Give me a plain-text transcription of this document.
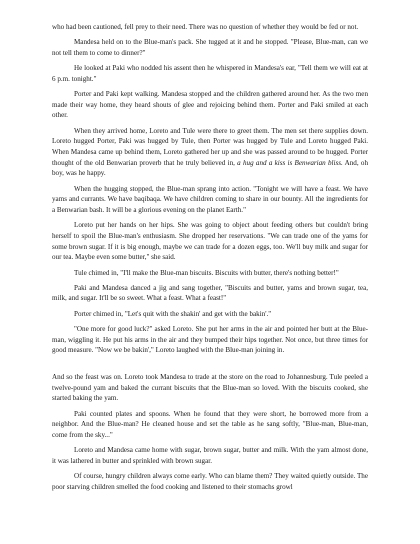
who had been cautioned, fell prey to their need. There was no question of whether they would be fed or not.

Mandesa held on to the Blue-man's pack. She tugged at it and he stopped. "Please, Blue-man, can we not tell them to come to dinner?"

He looked at Paki who nodded his assent then he whispered in Mandesa's ear, "Tell them we will eat at 6 p.m. tonight."

Porter and Paki kept walking. Mandesa stopped and the children gathered around her. As the two men made their way home, they heard shouts of glee and rejoicing behind them. Porter and Paki smiled at each other.

When they arrived home, Loreto and Tule were there to greet them. The men set there supplies down. Loreto hugged Porter, Paki was hugged by Tule, then Porter was hugged by Tule and Loreto hugged Paki. When Mandesa came up behind them, Loreto gathered her up and she was passed around to be hugged. Porter thought of the old Benwarian proverb that he truly believed in, a hug and a kiss is Benwarian bliss. And, oh boy, was he happy.

When the hugging stopped, the Blue-man sprang into action. "Tonight we will have a feast. We have yams and currants. We have baqibaqa. We have children coming to share in our bounty. All the ingredients for a Benwarian bash. It will be a glorious evening on the planet Earth."

Loreto put her hands on her hips. She was going to object about feeding others but couldn't bring herself to spoil the Blue-man's enthusiasm. She dropped her reservations. "We can trade one of the yams for some brown sugar. If it is big enough, maybe we can trade for a dozen eggs, too. We'll buy milk and sugar for our tea. Maybe even some butter," she said.

Tule chimed in, "I'll make the Blue-man biscuits. Biscuits with butter, there's nothing better!"

Paki and Mandesa danced a jig and sang together, "Biscuits and butter, yams and brown sugar, tea, milk, and sugar. It'll be so sweet. What a feast. What a feast!"

Porter chimed in, "Let's quit with the shakin' and get with the bakin'."

"One more for good luck?" asked Loreto. She put her arms in the air and pointed her butt at the Blue-man, wiggling it. He put his arms in the air and they bumped their hips together. Not once, but three times for good measure. "Now we be bakin'," Loreto laughed with the Blue-man joining in.

And so the feast was on. Loreto took Mandesa to trade at the store on the road to Johannesburg. Tule peeled a twelve-pound yam and baked the currant biscuits that the Blue-man so loved. With the biscuits cooked, she started baking the yam.

Paki counted plates and spoons. When he found that they were short, he borrowed more from a neighbor. And the Blue-man? He cleaned house and set the table as he sang softly, "Blue-man, Blue-man, come from the sky..."

Loreto and Mandesa came home with sugar, brown sugar, butter and milk. With the yam almost done, it was lathered in butter and sprinkled with brown sugar.

Of course, hungry children always come early. Who can blame them? They waited quietly outside. The poor starving children smelled the food cooking and listened to their stomachs growl
